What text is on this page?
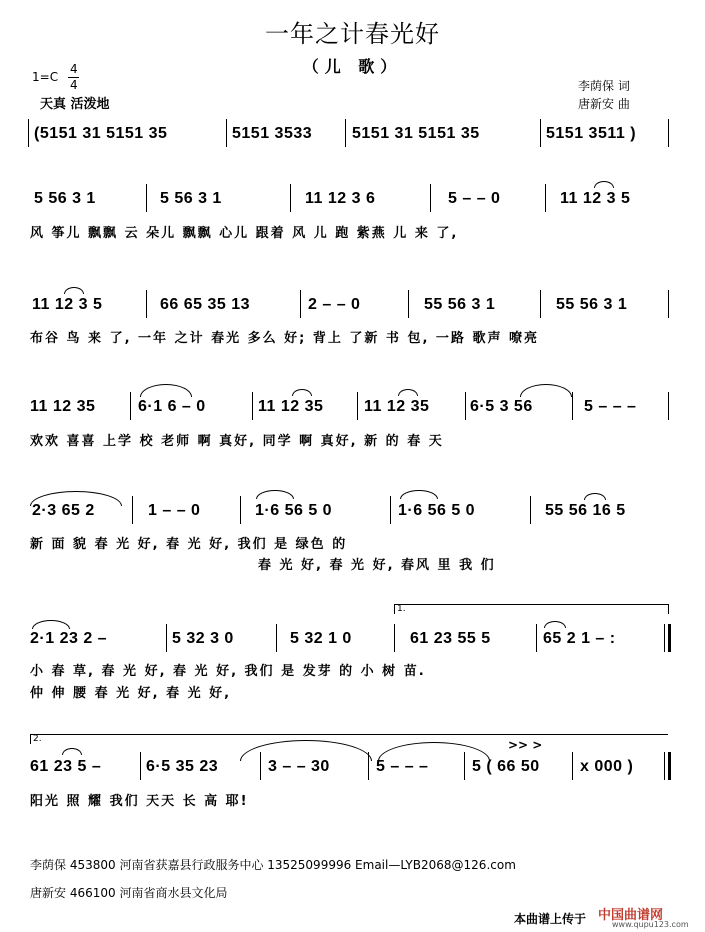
一年之计春光好
（儿 歌）
1=C
4
4
天真 活泼地
李荫保 词
唐新安 曲
(5151 31 5151 35	5151 3533 5151 31 5151 35	5151 3511 )
5 56 3 1	5 56 3 1	11 12 3 6	5 – – 0	11 12 3 5
风 筝儿 飘飘 云 朵儿 飘飘 心儿 跟着 风 儿 跑 紫燕 儿 来 了,
11 12 3 5	66 65 35 13	2 – – 0	55 56 3 1	55 56 3 1
布谷 鸟 来 了, 一年 之计 春光 多么 好; 背上 了新 书 包, 一路 歌声 嘹亮
11 12 35	6·1 6 – 0	11 12 35	11 12 35	6·5 3 56	5 – – –
欢欢 喜喜 上学 校 老师 啊 真好, 同学 啊 真好, 新 的 春 天
2·3 65 2	1 – – 0	1·6 56 5 0	1·6 56 5 0	55 56 16 5
新 面 貌 春 光 好, 春 光 好, 我们 是 绿色 的
春 光 好, 春 光 好, 春风 里 我 们
1.
2·1 23 2 –	5 32 3 0	5 32 1 0	61 23 55 5	65 2 1 – :
小 春 草, 春 光 好, 春 光 好, 我们 是 发芽 的 小 树 苗.
仲 伸 腰 春 光 好, 春 光 好,
2.	>> >
61 23 5 –	6·5 35 23	3 – – 30	5 – – –	5 ( 66 50	x 000 )
阳光 照 耀 我们 天天 长 高 耶!
李荫保 453800 河南省获嘉县行政服务中心 13525099996 Email—LYB2068@126.com
唐新安 466100 河南省商水县文化局
本曲谱上传于 中国曲谱网
www.qupu123.com
